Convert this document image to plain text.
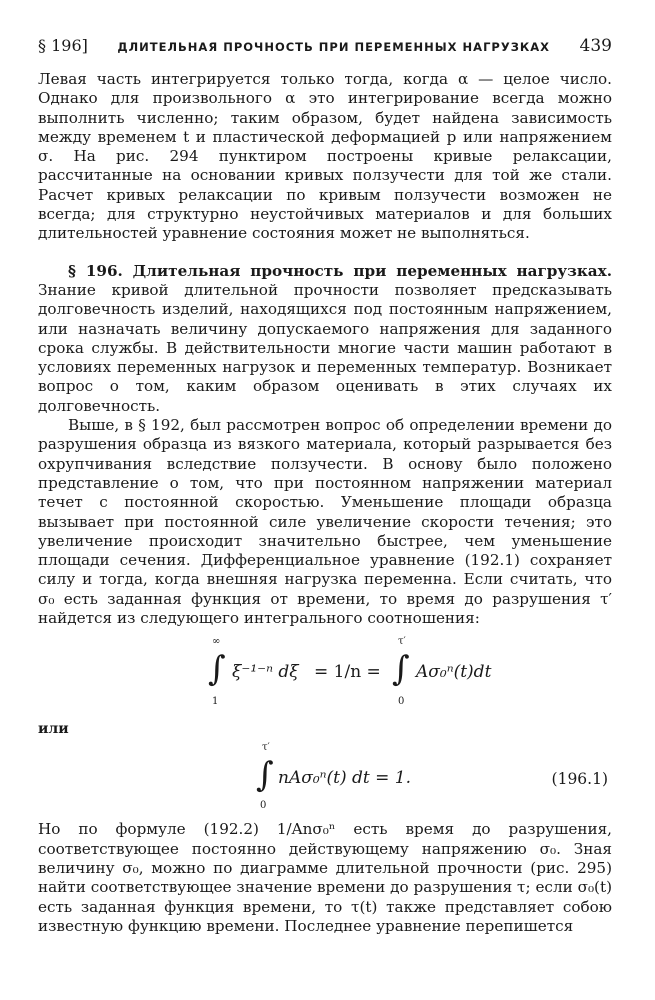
§ 196]	ДЛИТЕЛЬНАЯ ПРОЧНОСТЬ ПРИ ПЕРЕМЕННЫХ НАГРУЗКАХ 439

Левая часть интегрируется только тогда, когда α — целое число. Однако для произвольного α это интегрирование всегда можно выполнить численно; таким образом, будет найдена зависимость между временем t и пластической деформацией p или напряжением σ. На рис. 294 пунктиром построены кривые релаксации, рассчитанные на основании кривых ползучести для той же стали. Расчет кривых релаксации по кривым ползучести возможен не всегда; для структурно неустойчивых материалов и для больших длительностей уравнение состояния может не выполняться.

§ 196. Длительная прочность при переменных нагрузках. Знание кривой длительной прочности позволяет предсказывать долговечность изделий, находящихся под постоянным напряжением, или назначать величину допускаемого напряжения для заданного срока службы. В действительности многие части машин работают в условиях переменных нагрузок и переменных температур. Возникает вопрос о том, каким образом оценивать в этих случаях их долговечность.

Выше, в § 192, был рассмотрен вопрос об определении времени до разрушения образца из вязкого материала, который разрывается без охрупчивания вследствие ползучести. В основу было положено представление о том, что при постоянном напряжении материал течет с постоянной скоростью. Уменьшение площади образца вызывает при постоянной силе увеличение скорости течения; это увеличение происходит значительно быстрее, чем уменьшение площади сечения. Дифференциальное уравнение (192.1) сохраняет силу и тогда, когда внешняя нагрузка переменна. Если считать, что σ₀ есть заданная функция от времени, то время до разрушения τ′ найдется из следующего интегрального соотношения:

∞
∫
1
ξ⁻¹⁻ⁿ dξ = 1/n =
τ′
∫
0
Aσ₀ⁿ(t)dt

или

τ′
∫
0
nAσ₀ⁿ(t) dt = 1.	(196.1)

Но по формуле (192.2) 1/Anσ₀ⁿ есть время до разрушения, соответствующее постоянно действующему напряжению σ₀. Зная величину σ₀, можно по диаграмме длительной прочности (рис. 295) найти соответствующее значение времени до разрушения τ; если σ₀(t) есть заданная функция времени, то τ(t) также представляет собою известную функцию времени. Последнее уравнение перепишется
